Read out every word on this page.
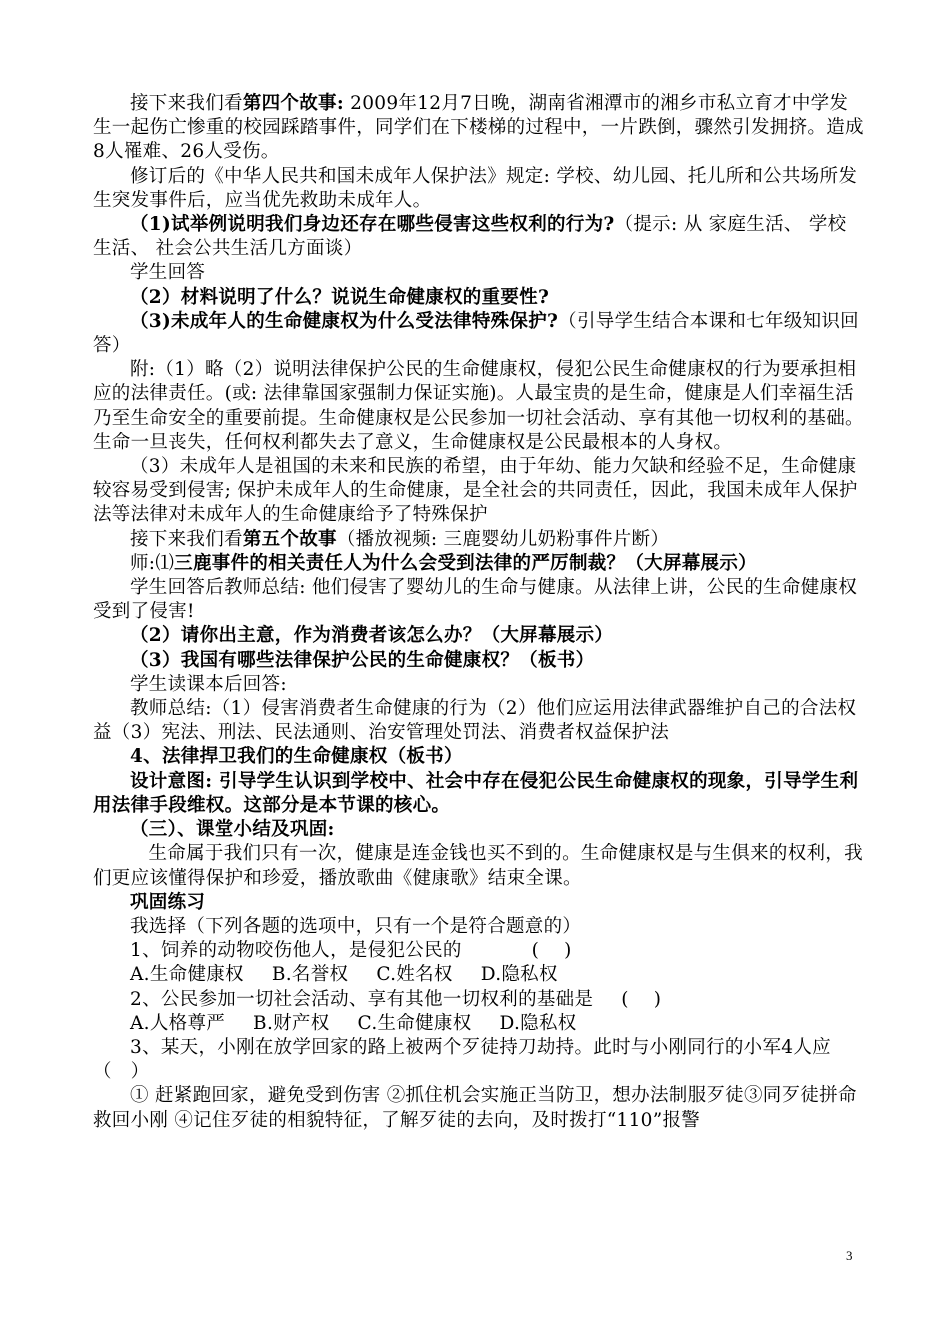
接下来我们看第四个故事: 2009年12月7日晚，湖南省湘潭市的湘乡市私立育才中学发生一起伤亡惨重的校园踩踏事件，同学们在下楼梯的过程中，一片跌倒，骤然引发拥挤。造成8人罹难、26人受伤。

修订后的《中华人民共和国未成年人保护法》规定: 学校、幼儿园、托儿所和公共场所发生突发事件后，应当优先救助未成年人。

（1)试举例说明我们身边还存在哪些侵害这些权利的行为?（提示: 从 家庭生活、 学校生活、 社会公共生活几方面谈）

学生回答

（2）材料说明了什么？说说生命健康权的重要性?

（3)未成年人的生命健康权为什么受法律特殊保护?（引导学生结合本课和七年级知识回答）

附:（1）略（2）说明法律保护公民的生命健康权，侵犯公民生命健康权的行为要承担相应的法律责任。(或: 法律靠国家强制力保证实施)。人最宝贵的是生命，健康是人们幸福生活乃至生命安全的重要前提。生命健康权是公民参加一切社会活动、享有其他一切权利的基础。生命一旦丧失，任何权利都失去了意义，生命健康权是公民最根本的人身权。

（3）未成年人是祖国的未来和民族的希望，由于年幼、能力欠缺和经验不足，生命健康较容易受到侵害; 保护未成年人的生命健康，是全社会的共同责任，因此，我国未成年人保护法等法律对未成年人的生命健康给予了特殊保护

接下来我们看第五个故事（播放视频: 三鹿婴幼儿奶粉事件片断）

师:⑴三鹿事件的相关责任人为什么会受到法律的严厉制裁？（大屏幕展示）

学生回答后教师总结: 他们侵害了婴幼儿的生命与健康。从法律上讲，公民的生命健康权受到了侵害!

（2）请你出主意，作为消费者该怎么办？（大屏幕展示）

（3）我国有哪些法律保护公民的生命健康权？（板书）

学生读课本后回答:

教师总结:（1）侵害消费者生命健康的行为（2）他们应运用法律武器维护自己的合法权益（3）宪法、刑法、民法通则、治安管理处罚法、消费者权益保护法

4、法律捍卫我们的生命健康权（板书）

设计意图: 引导学生认识到学校中、社会中存在侵犯公民生命健康权的现象，引导学生利用法律手段维权。这部分是本节课的核心。

（三）、课堂小结及巩固:

生命属于我们只有一次，健康是连金钱也买不到的。生命健康权是与生俱来的权利，我们更应该懂得保护和珍爱，播放歌曲《健康歌》结束全课。

巩固练习

我选择（下列各题的选项中，只有一个是符合题意的）

1、饲养的动物咬伤他人，是侵犯公民的	(　 )

A.生命健康权 B.名誉权 C.姓名权 D.隐私权

2、公民参加一切社会活动、享有其他一切权利的基础是 (　 )

A.人格尊严 B.财产权 C.生命健康权 D.隐私权

3、某天，小刚在放学回家的路上被两个歹徒持刀劫持。此时与小刚同行的小军4人应（　）

① 赶紧跑回家，避免受到伤害 ②抓住机会实施正当防卫，想办法制服歹徒③同歹徒拼命救回小刚 ④记住歹徒的相貌特征，了解歹徒的去向，及时拨打“110”报警

3
